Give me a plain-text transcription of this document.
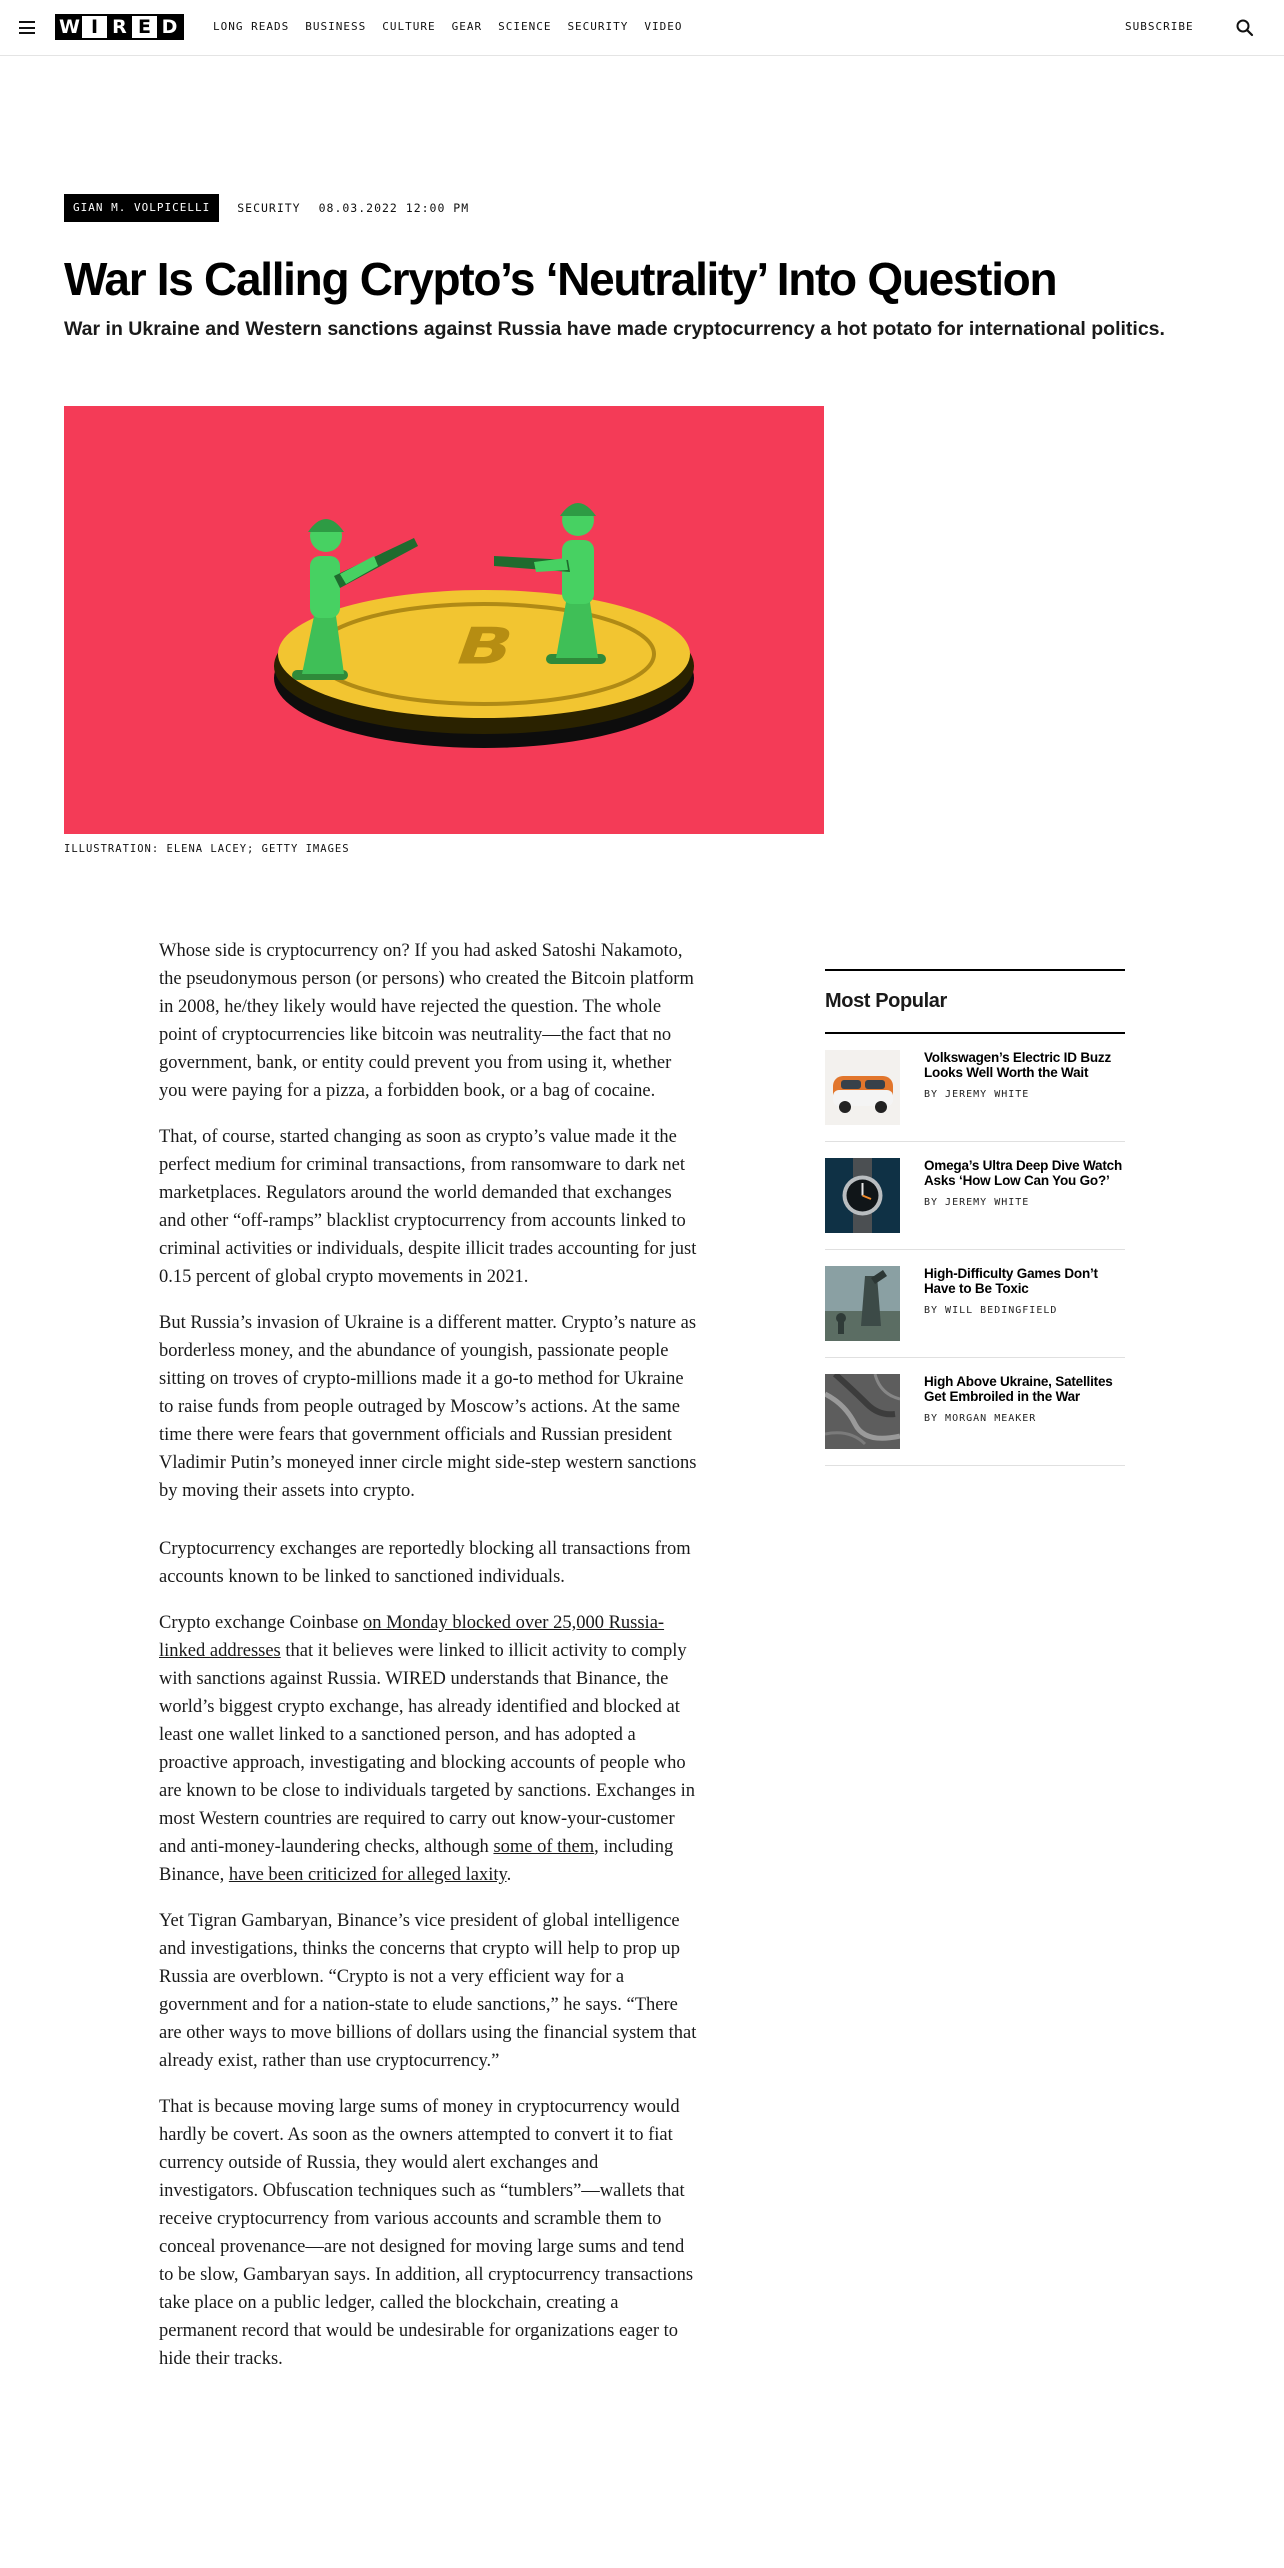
W I R E D	LONG READS BUSINESS CULTURE GEAR SCIENCE SECURITY VIDEO	SUBSCRIBE
GIAN M. VOLPICELLI	SECURITY 08.03.2022 12:00 PM
War Is Calling Crypto’s ‘Neutrality’ Into Question

War in Ukraine and Western sanctions against Russia have made cryptocurrency a hot potato for international politics.

B

ILLUSTRATION: ELENA LACEY; GETTY IMAGES

Whose side is cryptocurrency on? If you had asked Satoshi Nakamoto, the pseudonymous person (or persons) who created the Bitcoin platform in 2008, he/they likely would have rejected the question. The whole point of cryptocurrencies like bitcoin was neutrality—the fact that no government, bank, or entity could prevent you from using it, whether you were paying for a pizza, a forbidden book, or a bag of cocaine.

That, of course, started changing as soon as crypto’s value made it the perfect medium for criminal transactions, from ransomware to dark net marketplaces. Regulators around the world demanded that exchanges and other “off-ramps” blacklist cryptocurrency from accounts linked to criminal activities or individuals, despite illicit trades accounting for just 0.15 percent of global crypto movements in 2021.

But Russia’s invasion of Ukraine is a different matter. Crypto’s nature as borderless money, and the abundance of youngish, passionate people sitting on troves of crypto-millions made it a go-to method for Ukraine to raise funds from people outraged by Moscow’s actions. At the same time there were fears that government officials and Russian president Vladimir Putin’s moneyed inner circle might side-step western sanctions by moving their assets into crypto.

Cryptocurrency exchanges are reportedly blocking all transactions from accounts known to be linked to sanctioned individuals.

Crypto exchange Coinbase on Monday blocked over 25,000 Russia-linked addresses that it believes were linked to illicit activity to comply with sanctions against Russia. WIRED understands that Binance, the world’s biggest crypto exchange, has already identified and blocked at least one wallet linked to a sanctioned person, and has adopted a proactive approach, investigating and blocking accounts of people who are known to be close to individuals targeted by sanctions. Exchanges in most Western countries are required to carry out know-your-customer and anti-money-laundering checks, although some of them, including Binance, have been criticized for alleged laxity.

Yet Tigran Gambaryan, Binance’s vice president of global intelligence and investigations, thinks the concerns that crypto will help to prop up Russia are overblown. “Crypto is not a very efficient way for a government and for a nation-state to elude sanctions,” he says. “There are other ways to move billions of dollars using the financial system that already exist, rather than use cryptocurrency.”

That is because moving large sums of money in cryptocurrency would hardly be covert. As soon as the owners attempted to convert it to fiat currency outside of Russia, they would alert exchanges and investigators. Obfuscation techniques such as “tumblers”—wallets that receive cryptocurrency from various accounts and scramble them to conceal provenance—are not designed for moving large sums and tend to be slow, Gambaryan says. In addition, all cryptocurrency transactions take place on a public ledger, called the blockchain, creating a permanent record that would be undesirable for organizations eager to hide their tracks.

Most Popular
Volkswagen’s Electric ID Buzz Looks Well Worth the Wait
BY JEREMY WHITE
Omega’s Ultra Deep Dive Watch Asks ‘How Low Can You Go?’
BY JEREMY WHITE
High-Difficulty Games Don’t Have to Be Toxic
BY WILL BEDINGFIELD
High Above Ukraine, Satellites Get Embroiled in the War
BY MORGAN MEAKER
